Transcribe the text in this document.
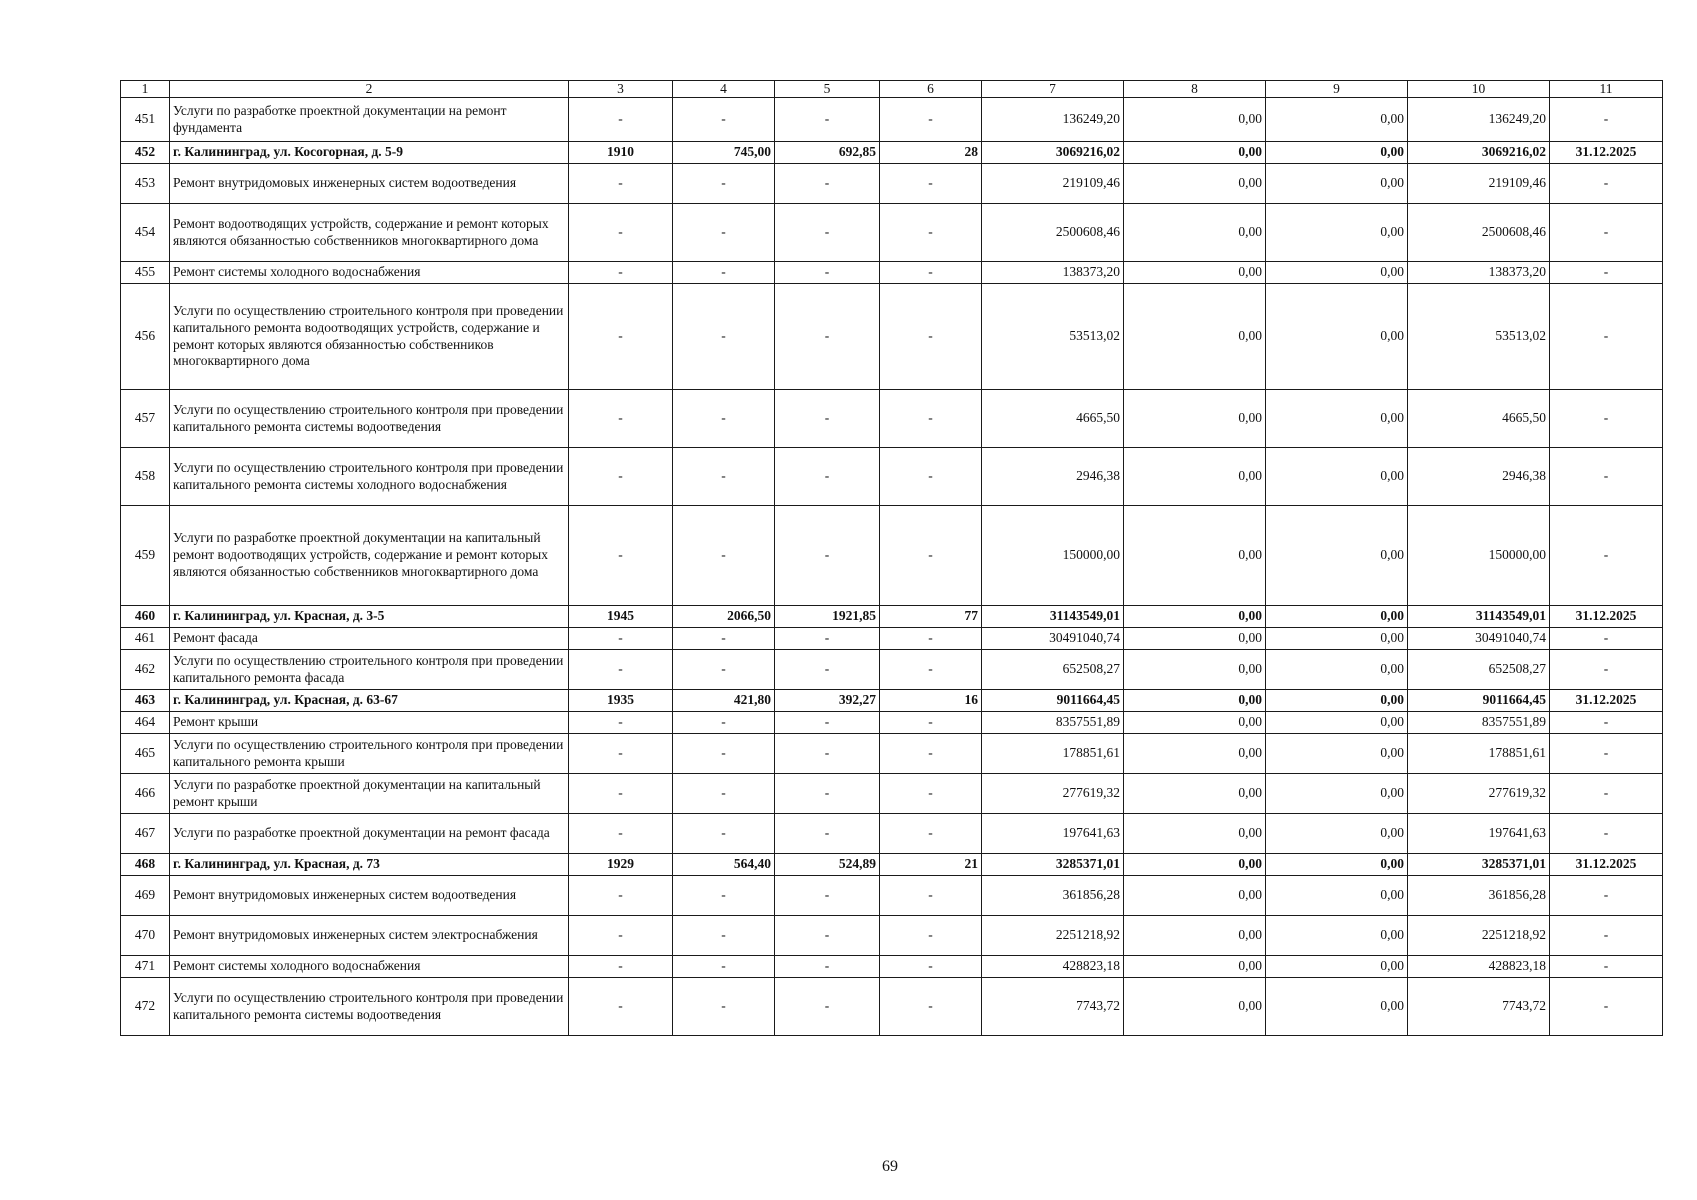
1	2	3	4	5	6	7	8	9	10	11
451	Услуги по разработке проектной документации на ремонт фундамента	-	-	-	-	136249,20	0,00	0,00	136249,20	-
452	г. Калининград, ул. Косогорная, д. 5-9	1910	745,00	692,85	28	3069216,02	0,00	0,00	3069216,02	31.12.2025
453	Ремонт внутридомовых инженерных систем водоотведения	-	-	-	-	219109,46	0,00	0,00	219109,46	-
454	Ремонт водоотводящих устройств, содержание и ремонт которых являются обязанностью собственников многоквартирного дома	-	-	-	-	2500608,46	0,00	0,00	2500608,46	-
455	Ремонт системы холодного водоснабжения	-	-	-	-	138373,20	0,00	0,00	138373,20	-
456	Услуги по осуществлению строительного контроля при проведении капитального ремонта водоотводящих устройств, содержание и ремонт которых являются обязанностью собственников многоквартирного дома	-	-	-	-	53513,02	0,00	0,00	53513,02	-
457	Услуги по осуществлению строительного контроля при проведении капитального ремонта системы водоотведения	-	-	-	-	4665,50	0,00	0,00	4665,50	-
458	Услуги по осуществлению строительного контроля при проведении капитального ремонта системы холодного водоснабжения	-	-	-	-	2946,38	0,00	0,00	2946,38	-
459	Услуги по разработке проектной документации на капитальный ремонт водоотводящих устройств, содержание и ремонт которых являются обязанностью собственников многоквартирного дома	-	-	-	-	150000,00	0,00	0,00	150000,00	-
460	г. Калининград, ул. Красная, д. 3-5	1945	2066,50	1921,85	77	31143549,01	0,00	0,00	31143549,01	31.12.2025
461	Ремонт фасада	-	-	-	-	30491040,74	0,00	0,00	30491040,74	-
462	Услуги по осуществлению строительного контроля при проведении капитального ремонта фасада	-	-	-	-	652508,27	0,00	0,00	652508,27	-
463	г. Калининград, ул. Красная, д. 63-67	1935	421,80	392,27	16	9011664,45	0,00	0,00	9011664,45	31.12.2025
464	Ремонт крыши	-	-	-	-	8357551,89	0,00	0,00	8357551,89	-
465	Услуги по осуществлению строительного контроля при проведении капитального ремонта крыши	-	-	-	-	178851,61	0,00	0,00	178851,61	-
466	Услуги по разработке проектной документации на капитальный ремонт крыши	-	-	-	-	277619,32	0,00	0,00	277619,32	-
467	Услуги по разработке проектной документации на ремонт фасада	-	-	-	-	197641,63	0,00	0,00	197641,63	-
468	г. Калининград, ул. Красная, д. 73	1929	564,40	524,89	21	3285371,01	0,00	0,00	3285371,01	31.12.2025
469	Ремонт внутридомовых инженерных систем водоотведения	-	-	-	-	361856,28	0,00	0,00	361856,28	-
470	Ремонт внутридомовых инженерных систем электроснабжения	-	-	-	-	2251218,92	0,00	0,00	2251218,92	-
471	Ремонт системы холодного водоснабжения	-	-	-	-	428823,18	0,00	0,00	428823,18	-
472	Услуги по осуществлению строительного контроля при проведении капитального ремонта системы водоотведения	-	-	-	-	7743,72	0,00	0,00	7743,72	-
69
